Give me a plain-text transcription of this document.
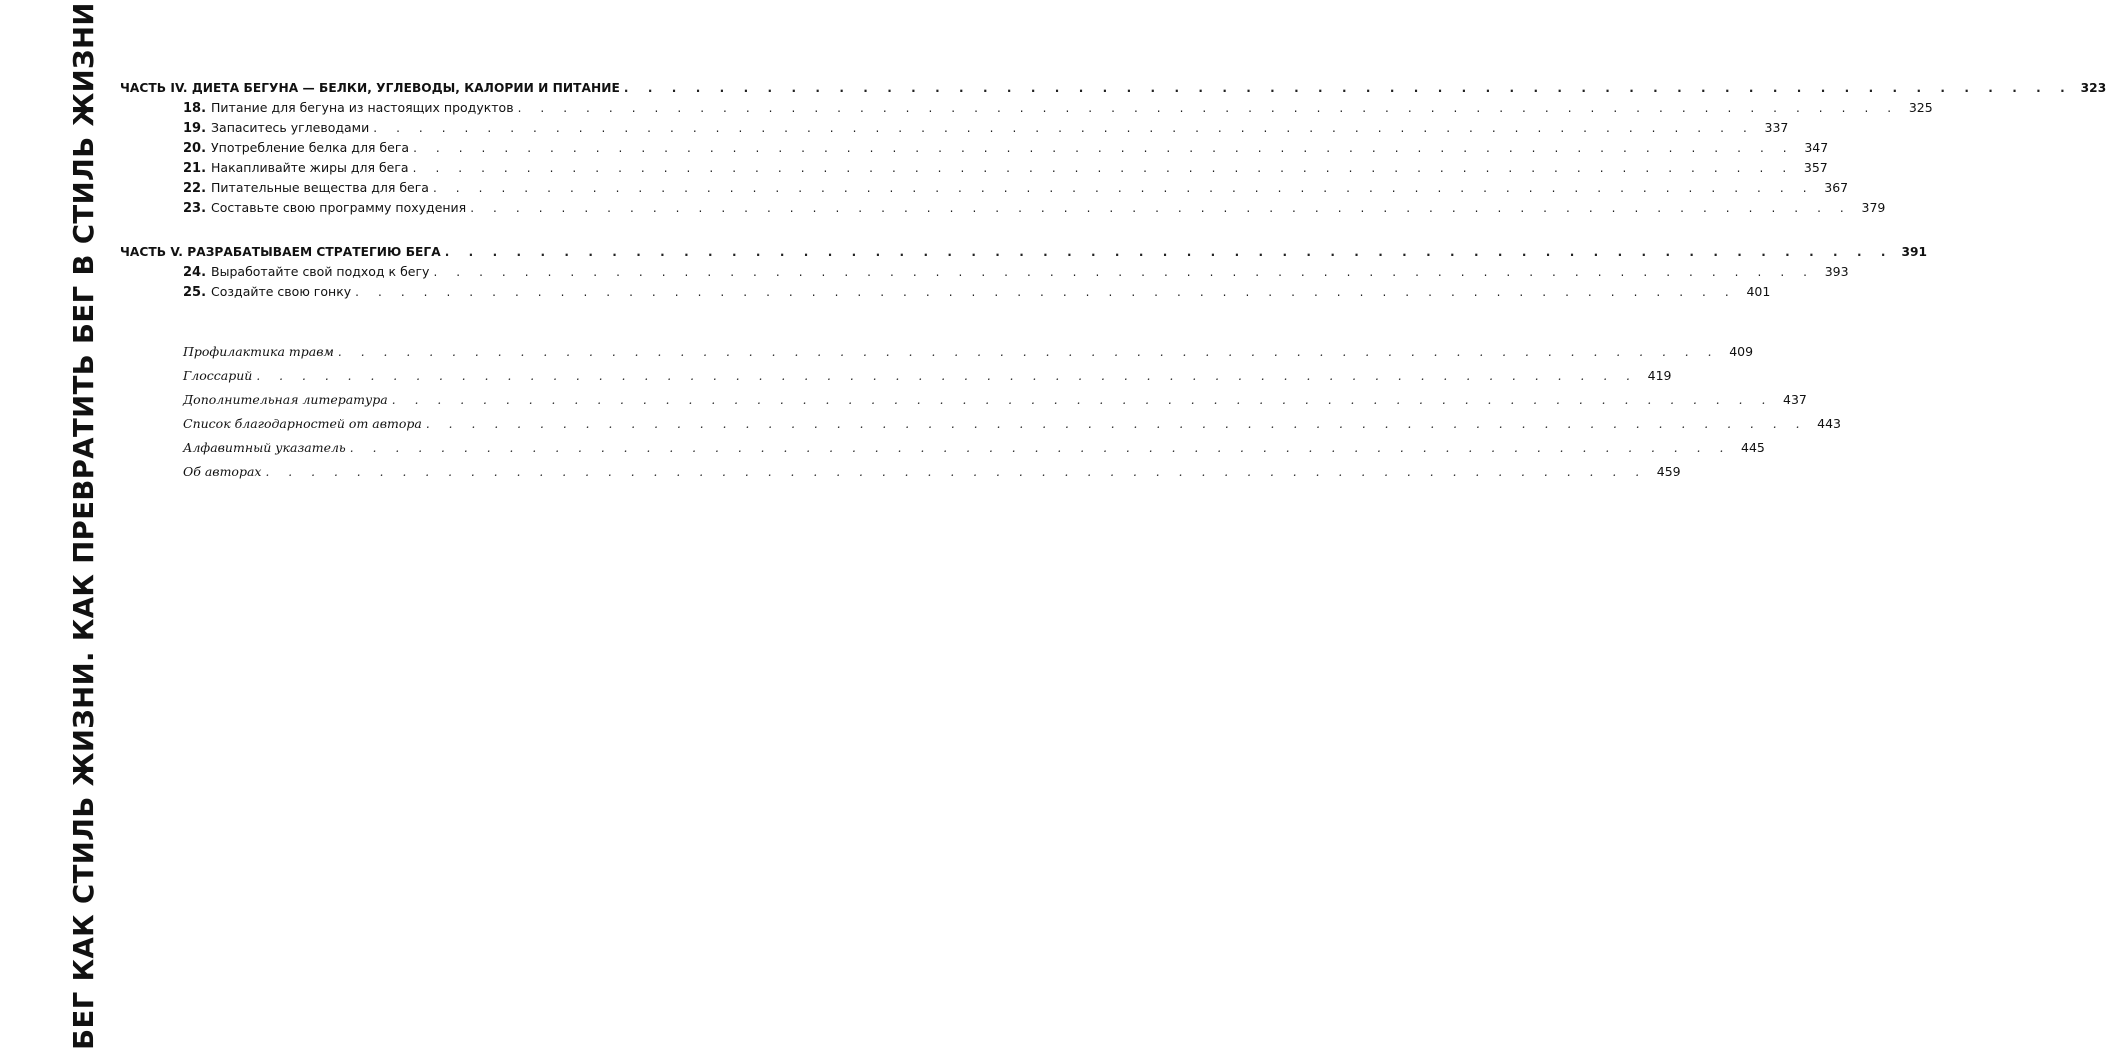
БЕГ КАК СТИЛЬ ЖИЗНИ. КАК ПРЕВРАТИТЬ БЕГ В СТИЛЬ ЖИЗНИ ЧАСТЬ IV. ДИЕТА БЕГУНА — БЕЛКИ, УГЛЕВОДЫ, КАЛОРИИ И ПИТАНИЕ . . . . . . . . . . . . . . . . . . . . . . . . . . . . . . . . . . . . . . . . . . . . . . . . . . . . . . . . . . . . . 323
18. Питание для бегуна из настоящих продуктов . . . . . . . . . . . . . . . . . . . . . . . . . . . . . . . . . . . . . . . . . . . . . . . . . . . . . . . . . . . . . 325
19. Запаситесь углеводами . . . . . . . . . . . . . . . . . . . . . . . . . . . . . . . . . . . . . . . . . . . . . . . . . . . . . . . . . . . . . 337
20. Употребление белка для бега . . . . . . . . . . . . . . . . . . . . . . . . . . . . . . . . . . . . . . . . . . . . . . . . . . . . . . . . . . . . . 347
21. Накапливайте жиры для бега . . . . . . . . . . . . . . . . . . . . . . . . . . . . . . . . . . . . . . . . . . . . . . . . . . . . . . . . . . . . . 357
22. Питательные вещества для бега . . . . . . . . . . . . . . . . . . . . . . . . . . . . . . . . . . . . . . . . . . . . . . . . . . . . . . . . . . . . . 367
23. Составьте свою программу похудения . . . . . . . . . . . . . . . . . . . . . . . . . . . . . . . . . . . . . . . . . . . . . . . . . . . . . . . . . . . . . 379
ЧАСТЬ V. РАЗРАБАТЫВАЕМ СТРАТЕГИЮ БЕГА . . . . . . . . . . . . . . . . . . . . . . . . . . . . . . . . . . . . . . . . . . . . . . . . . . . . . . . . . . . . . 391
24. Выработайте свой подход к бегу . . . . . . . . . . . . . . . . . . . . . . . . . . . . . . . . . . . . . . . . . . . . . . . . . . . . . . . . . . . . . 393
25. Создайте свою гонку . . . . . . . . . . . . . . . . . . . . . . . . . . . . . . . . . . . . . . . . . . . . . . . . . . . . . . . . . . . . . 401
Профилактика травм . . . . . . . . . . . . . . . . . . . . . . . . . . . . . . . . . . . . . . . . . . . . . . . . . . . . . . . . . . . . . 409
Глоссарий . . . . . . . . . . . . . . . . . . . . . . . . . . . . . . . . . . . . . . . . . . . . . . . . . . . . . . . . . . . . . 419
Дополнительная литература . . . . . . . . . . . . . . . . . . . . . . . . . . . . . . . . . . . . . . . . . . . . . . . . . . . . . . . . . . . . . 437
Список благодарностей от автора . . . . . . . . . . . . . . . . . . . . . . . . . . . . . . . . . . . . . . . . . . . . . . . . . . . . . . . . . . . . . 443
Алфавитный указатель . . . . . . . . . . . . . . . . . . . . . . . . . . . . . . . . . . . . . . . . . . . . . . . . . . . . . . . . . . . . . 445
Об авторах . . . . . . . . . . . . . . . . . . . . . . . . . . . . . . . . . . . . . . . . . . . . . . . . . . . . . . . . . . . . . 459
